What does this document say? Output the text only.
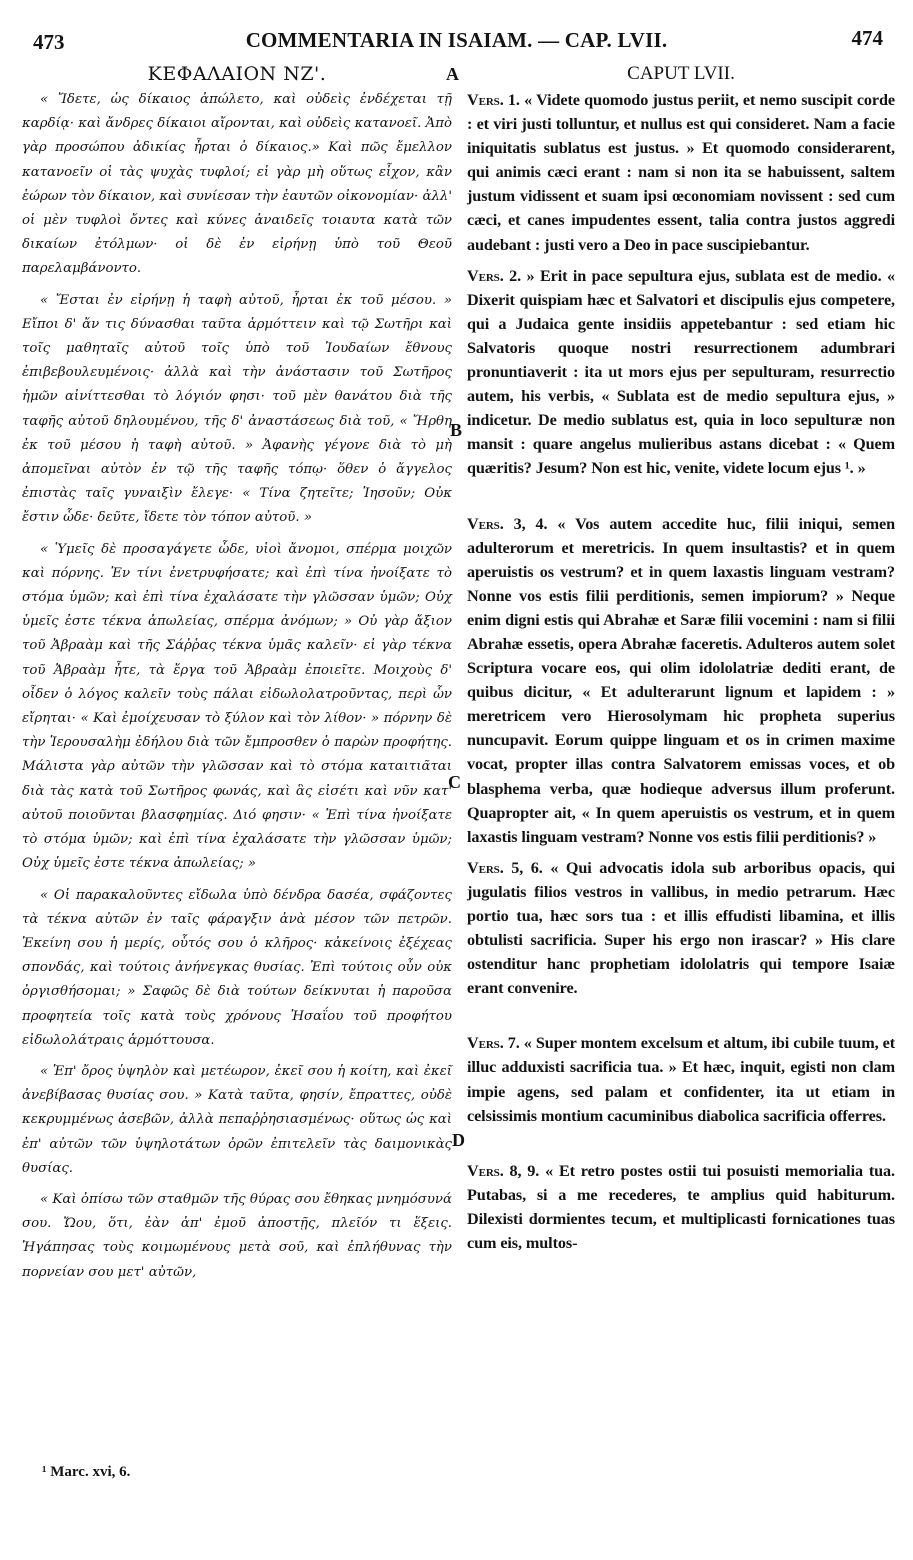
473	COMMENTARIA IN ISAIAM. — CAP. LVII.	474
ΚΕΦΑΛΑΙΟΝ ΝΖ'.

« Ἴδετε, ὡς δίκαιος ἀπώλετο, καὶ οὐδεὶς ἐνδέχεται τῇ καρδίᾳ· καὶ ἄνδρες δίκαιοι αἴρονται, καὶ οὐδεὶς κατανοεῖ. Ἀπὸ γὰρ προσώπου ἀδικίας ἦρται ὁ δίκαιος.» Καὶ πῶς ἔμελλον κατανοεῖν οἱ τὰς ψυχὰς τυφλοί; εἰ γὰρ μὴ οὕτως εἶχον, κἂν ἑώρων τὸν δίκαιον, καὶ συνίεσαν τὴν ἑαυτῶν οἰκονομίαν· ἀλλ' οἱ μὲν τυφλοὶ ὄντες καὶ κύνες ἀναιδεῖς τοιαυτα κατὰ τῶν δικαίων ἐτόλμων· οἱ δὲ ἐν εἰρήνῃ ὑπὸ τοῦ Θεοῦ παρελαμβάνοντο.

« Ἔσται ἐν εἰρήνῃ ἡ ταφὴ αὐτοῦ, ἦρται ἐκ τοῦ μέσου. » Εἴποι δ' ἄν τις δύνασθαι ταῦτα ἁρμόττειν καὶ τῷ Σωτῆρι καὶ τοῖς μαθηταῖς αὐτοῦ τοῖς ὑπὸ τοῦ Ἰουδαίων ἔθνους ἐπιβεβουλευμένοις· ἀλλὰ καὶ τὴν ἀνάστασιν τοῦ Σωτῆρος ἡμῶν αἰνίττεσθαι τὸ λόγιόν φησι· τοῦ μὲν θανάτου διὰ τῆς ταφῆς αὐτοῦ δηλουμένου, τῆς δ' ἀναστάσεως διὰ τοῦ, « Ἤρθη ἐκ τοῦ μέσου ἡ ταφὴ αὐτοῦ. » Ἀφανὴς γέγονε διὰ τὸ μὴ ἀπομεῖναι αὐτὸν ἐν τῷ τῆς ταφῆς τόπῳ· ὅθεν ὁ ἄγγελος ἐπιστὰς ταῖς γυναιξὶν ἔλεγε· « Τίνα ζητεῖτε; Ἰησοῦν; Οὐκ ἔστιν ὧδε· δεῦτε, ἴδετε τὸν τόπον αὐτοῦ. »

« Ὑμεῖς δὲ προσαγάγετε ὧδε, υἱοὶ ἄνομοι, σπέρμα μοιχῶν καὶ πόρνης. Ἐν τίνι ἐνετρυφήσατε; καὶ ἐπὶ τίνα ἠνοίξατε τὸ στόμα ὑμῶν; καὶ ἐπὶ τίνα ἐχαλάσατε τὴν γλῶσσαν ὑμῶν; Οὐχ ὑμεῖς ἐστε τέκνα ἀπωλείας, σπέρμα ἀνόμων; » Οὐ γὰρ ἄξιον τοῦ Ἀβραὰμ καὶ τῆς Σάῤῥας τέκνα ὑμᾶς καλεῖν· εἰ γὰρ τέκνα τοῦ Ἀβραὰμ ἦτε, τὰ ἔργα τοῦ Ἀβραὰμ ἐποιεῖτε. Μοιχοὺς δ' οἶδεν ὁ λόγος καλεῖν τοὺς πάλαι εἰδωλολατροῦντας, περὶ ὧν εἴρηται· « Καὶ ἐμοίχευσαν τὸ ξύλον καὶ τὸν λίθον· » πόρνην δὲ τὴν Ἱερουσαλὴμ ἐδήλου διὰ τῶν ἔμπροσθεν ὁ παρὼν προφήτης. Μάλιστα γὰρ αὐτῶν τὴν γλῶσσαν καὶ τὸ στόμα καταιτιᾶται διὰ τὰς κατὰ τοῦ Σωτῆρος φωνάς, καὶ ἃς εἰσέτι καὶ νῦν κατ' αὐτοῦ ποιοῦνται βλασφημίας. Διό φησιν· « Ἐπὶ τίνα ἠνοίξατε τὸ στόμα ὑμῶν; καὶ ἐπὶ τίνα ἐχαλάσατε τὴν γλῶσσαν ὑμῶν; Οὐχ ὑμεῖς ἐστε τέκνα ἀπωλείας; »

« Οἱ παρακαλοῦντες εἴδωλα ὑπὸ δένδρα δασέα, σφάζοντες τὰ τέκνα αὐτῶν ἐν ταῖς φάραγξιν ἀνὰ μέσον τῶν πετρῶν. Ἐκείνη σου ἡ μερίς, οὗτός σου ὁ κλῆρος· κἀκείνοις ἐξέχεας σπονδάς, καὶ τούτοις ἀνήνεγκας θυσίας. Ἐπὶ τούτοις οὖν οὐκ ὀργισθήσομαι; » Σαφῶς δὲ διὰ τούτων δείκνυται ἡ παροῦσα προφητεία τοῖς κατὰ τοὺς χρόνους Ἠσαΐου τοῦ προφήτου εἰδωλολάτραις ἁρμόττουσα.

« Ἐπ' ὄρος ὑψηλὸν καὶ μετέωρον, ἐκεῖ σου ἡ κοίτη, καὶ ἐκεῖ ἀνεβίβασας θυσίας σου. » Κατὰ ταῦτα, φησίν, ἔπραττες, οὐδὲ κεκρυμμένως ἀσεβῶν, ἀλλὰ πεπαῤῥησιασμένως· οὕτως ὡς καὶ ἐπ' αὐτῶν τῶν ὑψηλοτάτων ὀρῶν ἐπιτελεῖν τὰς δαιμονικὰς θυσίας.

« Καὶ ὀπίσω τῶν σταθμῶν τῆς θύρας σου ἔθηκας μνημόσυνά σου. Ὤου, ὅτι, ἐὰν ἀπ' ἐμοῦ ἀποστῇς, πλεῖόν τι ἕξεις. Ἠγάπησας τοὺς κοιμωμένους μετὰ σοῦ, καὶ ἐπλήθυνας τὴν πορνείαν σου μετ' αὐτῶν,

CAPUT LVII.

Vers. 1. « Videte quomodo justus periit, et nemo suscipit corde : et viri justi tolluntur, et nullus est qui consideret. Nam a facie iniquitatis sublatus est justus. » Et quomodo considerarent, qui animis cæci erant : nam si non ita se habuissent, saltem justum vidissent et suam ipsi œconomiam novissent : sed cum cæci, et canes impudentes essent, talia contra justos aggredi audebant : justi vero a Deo in pace suscipiebantur.

Vers. 2. » Erit in pace sepultura ejus, sublata est de medio. « Dixerit quispiam hæc et Salvatori et discipulis ejus competere, qui a Judaica gente insidiis appetebantur : sed etiam hic Salvatoris quoque nostri resurrectionem adumbrari pronuntiaverit : ita ut mors ejus per sepulturam, resurrectio autem, his verbis, « Sublata est de medio sepultura ejus, » indicetur. De medio sublatus est, quia in loco sepulturæ non mansit : quare angelus mulieribus astans dicebat : « Quem quæritis? Jesum? Non est hic, venite, videte locum ejus ¹. »

Vers. 3, 4. « Vos autem accedite huc, filii iniqui, semen adulterorum et meretricis. In quem insultastis? et in quem aperuistis os vestrum? et in quem laxastis linguam vestram? Nonne vos estis filii perditionis, semen impiorum? » Neque enim digni estis qui Abrahæ et Saræ filii vocemini : nam si filii Abrahæ essetis, opera Abrahæ faceretis. Adulteros autem solet Scriptura vocare eos, qui olim idololatriæ dediti erant, de quibus dicitur, « Et adulterarunt lignum et lapidem : » meretricem vero Hierosolymam hic propheta superius nuncupavit. Eorum quippe linguam et os in crimen maxime vocat, propter illas contra Salvatorem emissas voces, et ob blasphema verba, quæ hodieque adversus illum proferunt. Quapropter ait, « In quem aperuistis os vestrum, et in quem laxastis linguam vestram? Nonne vos estis filii perditionis? »

Vers. 5, 6. « Qui advocatis idola sub arboribus opacis, qui jugulatis filios vestros in vallibus, in medio petrarum. Hæc portio tua, hæc sors tua : et illis effudisti libamina, et illis obtulisti sacrificia. Super his ergo non irascar? » His clare ostenditur hanc prophetiam idololatris qui tempore Isaiæ erant convenire.

Vers. 7. « Super montem excelsum et altum, ibi cubile tuum, et illuc adduxisti sacrificia tua. » Et hæc, inquit, egisti non clam impie agens, sed palam et confidenter, ita ut etiam in celsissimis montium cacuminibus diabolica sacrificia offerres.

Vers. 8, 9. « Et retro postes ostii tui posuisti memorialia tua. Putabas, si a me recederes, te amplius quid habiturum. Dilexisti dormientes tecum, et multiplicasti fornicationes tuas cum eis, multos-

A
B
C
D
¹ Marc. xvi, 6.
